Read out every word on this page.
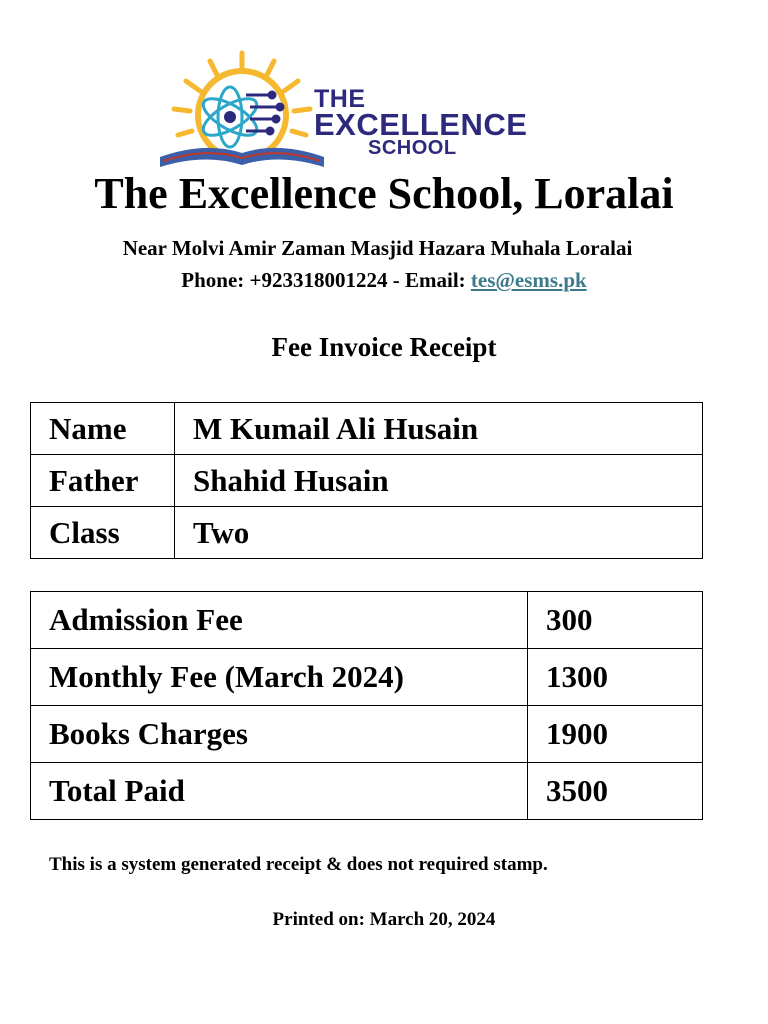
THE
EXCELLENCE
SCHOOL
The Excellence School, Loralai
Near Molvi Amir Zaman Masjid Hazara Muhala Loralai
Phone: +923318001224 - Email: tes@esms.pk
Fee Invoice Receipt
Name	M Kumail Ali Husain
Father	Shahid Husain
Class	Two
Admission Fee	300
Monthly Fee (March 2024)	1300
Books Charges	1900
Total Paid	3500
This is a system generated receipt & does not required stamp.
Printed on: March 20, 2024
